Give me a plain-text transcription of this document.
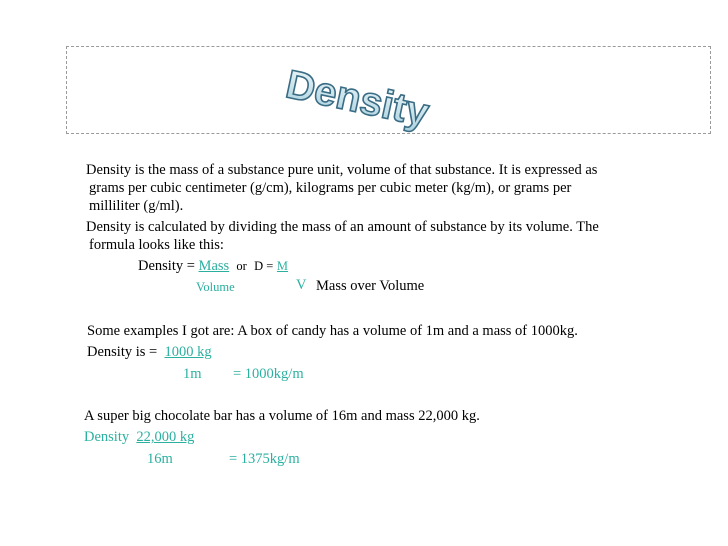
Density
Density is the mass of a substance pure unit, volume of that substance. It is expressed as
grams per cubic centimeter (g/cm), kilograms per cubic meter (kg/m), or grams per
milliliter (g/ml).
Density is calculated by dividing the mass of an amount of substance by its volume. The
formula looks like this:
Density = Mass or D = M
Volume	V Mass over Volume
Some examples I got are: A box of candy has a volume of 1m and a mass of 1000kg.
Density is = 1000 kg
1m = 1000kg/m
A super big chocolate bar has a volume of 16m and mass 22,000 kg.
Density 22,000 kg
16m	= 1375kg/m
